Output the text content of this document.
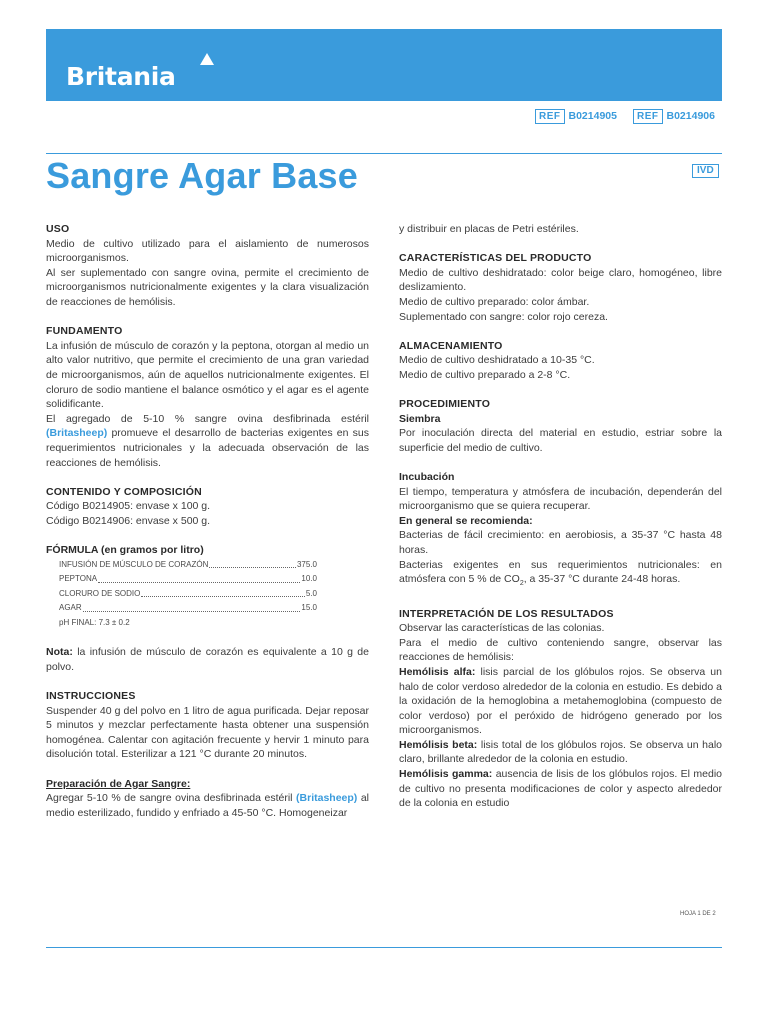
Britania
REF B0214905	REF B0214906
Sangre Agar Base	IVD
USO

Medio de cultivo utilizado para el aislamiento de numerosos microorganismos.

Al ser suplementado con sangre ovina, permite el crecimiento de microorganismos nutricionalmente exigentes y la clara visualización de reacciones de hemólisis.

FUNDAMENTO

La infusión de músculo de corazón y la peptona, otorgan al medio un alto valor nutritivo, que permite el crecimiento de una gran variedad de microorganismos, aún de aquellos nutricionalmente exigentes. El cloruro de sodio mantiene el balance osmótico y el agar es el agente solidificante.

El agregado de 5-10 % sangre ovina desfibrinada estéril (Britasheep) promueve el desarrollo de bacterias exigentes en sus requerimientos nutricionales y la adecuada observación de las reacciones de hemólisis.

CONTENIDO Y COMPOSICIÓN

Código B0214905: envase x 100 g.

Código B0214906: envase x 500 g.

FÓRMULA (en gramos por litro)
INFUSIÓN DE MÚSCULO DE CORAZÓN	375.0
PEPTONA	10.0
CLORURO DE SODIO	5.0
AGAR	15.0
pH FINAL: 7.3 ± 0.2

Nota: la infusión de músculo de corazón es equivalente a 10 g de polvo.

INSTRUCCIONES

Suspender 40 g del polvo en 1 litro de agua purificada. Dejar reposar 5 minutos y mezclar perfectamente hasta obtener una suspensión homogénea. Calentar con agitación frecuente y hervir 1 minuto para disolución total. Esterilizar a 121 °C durante 20 minutos.

Preparación de Agar Sangre:

Agregar 5-10 % de sangre ovina desfibrinada estéril (Britasheep) al medio esterilizado, fundido y enfriado a 45-50 °C. Homogeneizar

y distribuir en placas de Petri estériles.

CARACTERÍSTICAS DEL PRODUCTO

Medio de cultivo deshidratado: color beige claro, homogéneo, libre deslizamiento.

Medio de cultivo preparado: color ámbar.

Suplementado con sangre: color rojo cereza.

ALMACENAMIENTO

Medio de cultivo deshidratado a 10-35 °C.

Medio de cultivo preparado a 2-8 °C.

PROCEDIMIENTO
Siembra

Por inoculación directa del material en estudio, estriar sobre la superficie del medio de cultivo.

Incubación

El tiempo, temperatura y atmósfera de incubación, dependerán del microorganismo que se quiera recuperar.

En general se recomienda:

Bacterias de fácil crecimiento: en aerobiosis, a 35-37 °C hasta 48 horas.

Bacterias exigentes en sus requerimientos nutricionales: en atmósfera con 5 % de $CO_2$, a 35-37 °C durante 24-48 horas.

INTERPRETACIÓN DE LOS RESULTADOS

Observar las características de las colonias.

Para el medio de cultivo conteniendo sangre, observar las reacciones de hemólisis:

Hemólisis alfa: lisis parcial de los glóbulos rojos. Se observa un halo de color verdoso alrededor de la colonia en estudio. Es debido a la oxidación de la hemoglobina a metahemoglobina (compuesto de color verdoso) por el peróxido de hidrógeno generado por los microorganismos.

Hemólisis beta: lisis total de los glóbulos rojos. Se observa un halo claro, brillante alrededor de la colonia en estudio.

Hemólisis gamma: ausencia de lisis de los glóbulos rojos. El medio de cultivo no presenta modificaciones de color y aspecto alrededor de la colonia en estudio

HOJA 1 DE 2
